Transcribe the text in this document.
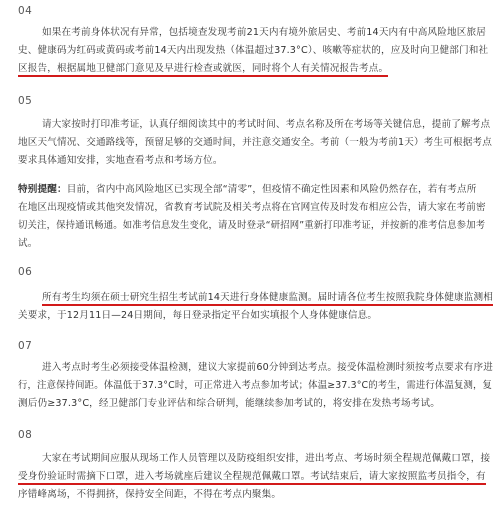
04
如果在考前身体状况有异常，包括境查发现考前21天内有境外旅居史、考前14天内有中高风险地区旅居
史、健康码为红码或黄码或考前14天内出现发热（体温超过37.3°C）、咳嗽等症状的，应及时向卫健部门和社
区报告，根据属地卫健部门意见及早进行检查或就医，同时将个人有关情况报告考点。
05
请大家按时打印准考证，认真仔细阅读其中的考试时间、考点名称及所在考场等关键信息，提前了解考点
地区天气情况、交通路线等，预留足够的交通时间，并注意交通安全。考前（一般为考前1天）考生可根据考点
要求具体通知安排，实地查看考点和考场方位。
特别提醒：目前，省内中高风险地区已实现全部“清零”，但疫情不确定性因素和风险仍然存在，若有考点所
在地区出现疫情或其他突发情况，省教育考试院及相关考点将在官网宣传及时发布相应公告，请大家在考前密
切关注，保持通讯畅通。如准考信息发生变化，请及时登录“研招网”重新打印准考证，并按新的准考信息参加考
试。
06
所有考生均须在硕士研究生招生考试前14天进行身体健康监测。届时请各位考生按照我院身体健康监测相
关要求，于12月11日—24日期间，每日登录指定平台如实填报个人身体健康信息。
07
进入考点时考生必须接受体温检测，建议大家提前60分钟到达考点。接受体温检测时须按考点要求有序进
行，注意保持间距。体温低于37.3°C时，可正常进入考点参加考试；体温≥37.3°C的考生，需进行体温复测，复
测后仍≥37.3°C，经卫健部门专业评估和综合研判，能继续参加考试的，将安排在发热考场考试。
08
大家在考试期间应服从现场工作人员管理以及防疫组织安排，进出考点、考场时须全程规范佩戴口罩，接
受身份验证时需摘下口罩，进入考场就座后建议全程规范佩戴口罩。考试结束后，请大家按照监考员指令，有
序错峰离场，不得拥挤，保持安全间距，不得在考点内聚集。
